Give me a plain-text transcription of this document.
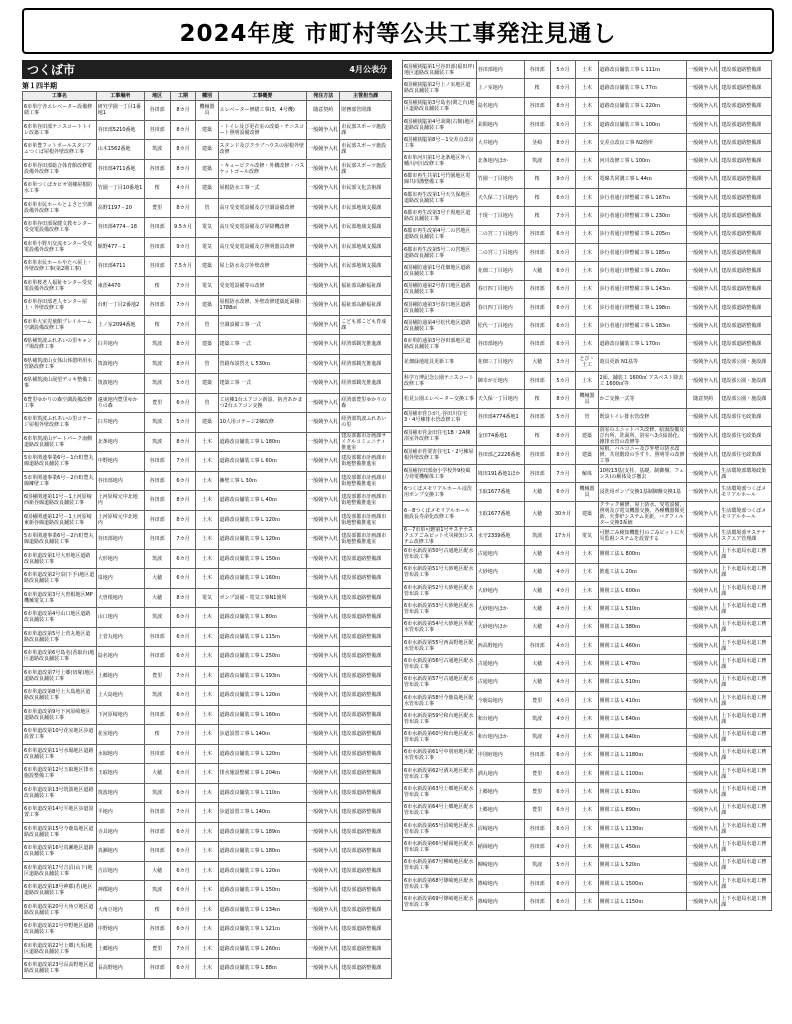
2024年度 市町村等公共工事発注見通し
つくば市	4月公表分
第１四半期
工事名	工事場所	地区	工期	種別	工事概要	発注方法	主管担当課
6市単庁舎エレベーター設備修繕工事	研究学園一丁目1番地1	谷田部	8カ月	機械器具	エレベーター修繕工事(3、4号機)	随意契約	財務部管財課
6市単谷田部テニスコートトイレ改築工事	谷田部5210番地	谷田部	8カ月	建築	・トイレ及び更衣室の改築・テニスコート照明設備改修	一般競争入札	市民部スポーツ施設課
6市単豊フットボールスタジアムつくば屋根外壁改修工事	山木1562番地	筑波	8カ月	建築	スタンド及びクラブハウスの屋根外壁改修	一般競争入札	市民部スポーツ施設課
6市単谷田部総合体育館改修電設備外改修工事	谷田部4711番地	谷田部	8カ月	建築	・キュービクル改修・外構改修・バスケットゴール改修	一般競争入札	市民部スポーツ施設課
6市単つくばカピオ別棟屋根防水工事	竹園一丁目10番地1	桜	4カ月	建築	屋根防水工事一式	一般競争入札	市民部文化芸術課
6市単市民ホールとよさと空調設備外改修工事	高野1197－20	豊里	8カ月	管	高圧受変電設備及び空調設備改修	一般競争入札	市民部地域支援課
6市単谷田部保健文教センター受変電設備改修工事	谷田部4774－18	谷田部	9.5カ月	電気	高圧受変電設備及び昇降機改修	一般競争入札	市民部地域支援課
6市単小野川交流センター受変電設備外改修工事	館野477－1	谷田部	9カ月	電気	高圧受変電設備及び照明器具改修	一般競争入札	市民部地域支援課
6市単市民ホールやたべ屋上・外壁改修工事(第2期工事)	谷田部4711	谷田部	7.5カ月	建築	屋上防水及び外壁改修	一般競争入札	市民部地域支援課
6市単桜老人福祉センター受変電設備外改修工事	東茨4470	桜	7カ月	電気	受変電設備等の改修	一般競争入札	福祉部高齢福祉課
6市単谷田部老人センター屋上・外壁改修工事	台町一丁目2番地2	谷田部	7カ月	建築	屋根防水改修、外壁改修建築延面積：1788㎡	一般競争入札	福祉部高齢福祉課
6市単大室児童館プレイルーム空調設備改修工事	上ノ室2094番地	桜	7カ月	管	空調設備工事 一式	一般競争入札	こども部こども育成課
6県補筑波ふれあいの里キャンプ場改修工事	臼井地内	筑波	8カ月	建築	建築工事 一式	一般競争入札	経済部観光推進課
6県補筑波山女体山休憩所用水管路改修工事	筑波地内	筑波	8カ月	管	管路布設替え L 530ｍ	一般競争入札	経済部観光推進課
6県補筑波山展望デッキ整備工事	筑波地内	筑波	5カ月	建築	建築工事 一式	一般競争入札	経済部観光推進課
6豊里ゆかりの森空調設備改修工事	遠東地内豊里ゆかりの森	豊里	6カ月	管	工房棟1台エアコン新設、宿舎あかまつ2台エアコン交換	一般競争入札	経済部豊里ゆかりの森
6市単筑波ふれあいの里コテージ屋根外壁改修工事	臼井地内	筑波	5カ月	建築	10人用コテージ2棟改修	一般競争入札	経済部筑波ふれあいの里
6市単筑波山ゲートパーク南側道路改良舗装工事	北条地内	筑波	8カ月	土木	道路改良舗装工事 L 180ｍ	一般競争入札	建設部都市計画課サイクルコミュニティ推進室
5市単関連事業6号－1台町豊丸線道路改良舗装工事	中野地内	谷田部	7カ月	土木	道路改良舗装工事 L 60ｍ	一般競争入札	建設部都市計画課市街地整備推進室
5市単関連事業6号－2台町豊丸線擁壁工事	谷田部地内	谷田部	6カ月	土木	擁壁工事 L 30ｍ	一般競争入札	建設部都市計画課市街地整備推進室
6国補関連第11号－1上河原崎西新谷線道路改良舗装工事	上河原崎元中北地内	谷田部	8カ月	土木	道路改良舗装工事 L 40ｍ	一般競争入札	建設部都市計画課市街地整備推進室
6国補関連第12号－1上河原崎東新谷線道路改良舗装工事	上河原崎元中北地内	谷田部	8カ月	土木	道路改良舗装工事 L 120ｍ	一般競争入札	建設部都市計画課市街地整備推進室
5市単関連事業6号－2台町豊丸線道路改良舗装工事	谷田部地内	谷田部	7カ月	土木	道路改良舗装工事 L 120ｍ	一般競争入札	建設部都市計画課市街地整備推進室
6市単道改第1号大形地区道路改良舗装工事	大形地内	筑波	6カ月	土木	道路改良舗装工事 L 150ｍ	一般競争入札	建設部道路整備課
6市単道改第2号泉(下手)地区道路改良舗装工事	泉地内	大穂	6カ月	土木	道路改良舗装工事 L 160ｍ	一般競争入札	建設部道路整備課
6市単道改第3号大曽根地区MP機械電気工事	大曽根地内	大穂	8カ月	電気	ポンプ設備・電気工事N1箇所	一般競争入札	建設部道路整備課
6市単道改第4号山口地区道路改良舗装工事	山口地内	筑波	6カ月	土木	道路改良舗装工事 L 80ｍ	一般競争入札	建設部道路整備課
6市単道改第5号上菅丸地区道路改良舗装工事	上菅丸地内	谷田部	6カ月	土木	道路改良舗装工事 L 115ｍ	一般競争入札	建設部道路整備課
6市単道改第6号島名(香取台)地区道路改良舗装工事	島名地内	谷田部	6カ月	土木	道路改良舗装工事 L 250ｍ	一般競争入札	建設部道路整備課
6市単道改第7号上郷(切塚)地区道路改良舗装工事	上郷地内	豊里	7カ月	土木	道路改良舗装工事 L 193ｍ	一般競争入札	建設部道路整備課
6市単道改第8号上大島地区道路改良舗装工事	上大島地内	筑波	6カ月	土木	道路改良舗装工事 L 120ｍ	一般競争入札	建設部道路整備課
6市単道改第9号下河原崎地区道路改良舗装工事	下河原崎地内	谷田部	6カ月	土木	道路改良舗装工事 L 160ｍ	一般競争入札	建設部道路整備課
6市単道改第10号花室地区歩道設置工事	花室地内	桜	7カ月	土木	歩道設置工事 L 140ｍ	一般競争入札	建設部道路整備課
6市単道改第11号水堀地区道路改良舗装工事	水堀地内	谷田部	6カ月	土木	道路改良舗装工事 L 120ｍ	一般競争入札	建設部道路整備課
6市単道改第12号玉取地区排水施設整備工事	玉取地内	大穂	6カ月	土木	排水施設整備工事 L 204ｍ	一般競争入札	建設部道路整備課
6市単道改第13号筑波地区道路改良舗装工事	筑波地内	筑波	6カ月	土木	道路改良舗装工事 L 110ｍ	一般競争入札	建設部道路整備課
6市単道改第14号平地区歩道設置工事	平地内	谷田部	7カ月	土木	歩道設置工事 L 140ｍ	一般競争入札	建設部道路整備課
6市単道改第15号今鹿島地区道路改良舗装工事	寺具地内	谷田部	6カ月	土木	道路改良舗装工事 L 189ｍ	一般競争入札	建設部道路整備課
6市単道改第16号真瀬地区道路改良舗装工事	真瀬地内	谷田部	6カ月	土木	道路改良舗装工事 L 180ｍ	一般競争入札	建設部道路整備課
6市単道改第17号吉沼(山下)地区道路改良舗装工事	吉沼地内	大穂	6カ月	土木	道路改良舗装工事 L 120ｍ	一般競争入札	建設部道路整備課
6市単道改第18号神郡(若)地区道路改良舗装工事	神郡地内	筑波	6カ月	土木	道路改良舗装工事 L 150ｍ	一般競争入札	建設部道路整備課
6市単道改第20号大角豆地区道路改良舗装工事	大角豆地内	桜	6カ月	土木	道路改良舗装工事 L 134ｍ	一般競争入札	建設部道路整備課
6市単道改第21号中野地区道路改良舗装工事	中野地内	谷田部	6カ月	土木	道路改良舗装工事 L 121ｍ	一般競争入札	建設部道路整備課
6市単道改第22号上郷(大坂)地区道路改良舗装工事	上郷地内	豊里	7カ月	土木	道路改良舗装工事 L 260ｍ	一般競争入札	建設部道路整備課
6市単道改第23号長高野地区道路改良舗装工事	長高野地内	谷田部	6カ月	土木	道路改良舗装工事 L 88ｍ	一般競争入札	建設部道路整備課
6国補狭隘第1号谷田部(福田坪)地区道路改良舗装工事	谷田部地内	谷田部	5カ月	土木	道路改良舗装工事 L 111ｍ	一般競争入札	建設部道路整備課
6国補狭隘第2号上ノ室地区道路改良舗装工事	上ノ室地内	桜	6カ月	土木	道路改良舗装工事 L 77ｍ	一般競争入札	建設部道路整備課
6国補狭隘第3号島名(関之台)地区道路改良舗装工事	島名地内	谷田部	8カ月	土木	道路改良舗装工事 L 220ｍ	一般競争入札	建設部道路整備課
6国補狭隘第4号苅間(古館)地区道路改良舗装工事	苅間地内	谷田部	6カ月	土木	道路改良舗装工事 L 100ｍ	一般競争入札	建設部道路整備課
6国補狭隘第8号－1交差点改良工事	大井地内	茎崎	8カ月	土木	交差点改良工事 N2箇所	一般競争入札	建設部道路整備課
6市単河川第1号北条地区外八幡川河川改修工事	北条地内ほか	筑波	8カ月	土木	河川改修工事 L 100ｍ	一般競争入札	建設部道路整備課
6都市再生共第1号竹園地区電線共同溝整備工事	竹園一丁目地内	桜	9カ月	土木	電線共同溝工事 L 44ｍ	一般競争入札	建設部道路整備課
6都市再生改第1号天久保地区道路改良舗装工事	天久保二丁目地内	桜	6カ月	土木	歩行者通行帯整備工事 L 167ｍ	一般競争入札	建設部道路整備課
6都市再生改第3号千現地区道路改良舗装工事	千現一丁目地内	桜	7カ月	土木	歩行者通行帯整備工事 L 230ｍ	一般競争入札	建設部道路整備課
6都市再生改第4号二の宮地区道路改良舗装工事	二の宮二丁目地内	谷田部	6カ月	土木	歩行者通行帯整備工事 L 205ｍ	一般競争入札	建設部道路整備課
6都市再生改第5号二の宮地区道路改良舗装工事	二の宮三丁目地内	谷田部	6カ月	土木	歩行者通行帯整備工事 L 185ｍ	一般競争入札	建設部道路整備課
6国補防通第1号花畑地区道路改良舗装工事	花畑二丁目地内	大穂	6カ月	土木	歩行者通行帯整備工事 L 260ｍ	一般競争入札	建設部道路整備課
6国補防通第2号春日地区道路改良舗装工事	春日四丁目地内	谷田部	6カ月	土木	歩行者通行帯整備工事 L 143ｍ	一般競争入札	建設部道路整備課
6国補防通第3号春日地区道路改良舗装工事	春日四丁目地内	谷田部	6カ月	土木	歩行者通行帯整備工事 L 198ｍ	一般競争入札	建設部道路整備課
6国補防通第4号松代地区道路改良舗装工事	松代一丁目地内	谷田部	6カ月	土木	歩行者通行帯整備工事 L 183ｍ	一般競争入札	建設部道路整備課
6市単防通第3号谷田部地区道路改良舗装工事	谷田部地内	谷田部	6カ月	土木	道路改良舗装工事 L 170ｍ	一般競争入札	建設部道路整備課
花畑緑地遊具更新工事	花畑三丁目地内	大穂	3カ月	とび・土工	遊具更新 N1基等	一般競争入札	建設部公園・施設課
科学万博記念公園テニスコート改修工事	御幸が丘地内	谷田部	5カ月	土木	2面、舗装工 1600㎡ アスベスト除去工 1600㎡等	一般競争入札	建設部公園・施設課
松見公園エレベーター交換工事	天久保一丁目地内	桜	8カ月	機械器具	かご交換一式等	随意契約	建設部公園・施設課
6国補市営ひがし谷田川住宅3・4号棟排水管改修工事	谷田部4774番地1	谷田部	5カ月	管	既設トイレ排水管改修	一般競争入札	建設部住宅政策課
6国補市営金田住宅1B・2A棟浴室外改修工事	金田74番地1	桜	8カ月	建築	浴室のユニットバス改修、給湯設備及び台所、洗面所、浴室へ3点給湯化、雑排水管の改修等	一般競争入札	建設部住宅政策課
6国補市営要害住宅1・2号棟屋根外壁改修工事	谷田部乙2226番地	谷田部	8カ月	建築	屋根、バルコニー及び外壁の防水改修、共用階段の手すり、照明等の改修工事	一般競争入札	建設部住宅政策課
6国補谷田部南小学校外9校風力発電機解体工事	境田191番地1ほか	谷田部	7カ月	解体	10校13基(支柱、基礎、制御盤、フェンス)の解体及び撤去	一般競争入札	生活環境部環境政策課
6つくばメモリアルホール浸洗用ポンプ交換工事	玉取1677番地	大穂	6カ月	機械器具	浸洗用ポンプ交換1基制御盤交換1基	一般競争入札	生活環境部つくばメモリアルホール
6－8つくばメモリアルホール施設長寿命化改修工事	玉取1677番地	大穂	30カ月	建築	クラック補修、屋上防水、受電設備、照明及び電気機器交換、各種機器類更新、火葬炉システム更新、バグフィルター交換3系統	一般競争入札	生活環境部つくばメモリアルホール
6－7市単可燃第1号サステナスクエアごみピット火災検知システム改修工事	水守2339番地	筑波	17カ月	電気	可燃ごみ検知機能付のごみピットに火災監視システムを設置する	一般競争入札	生活環境部サステナスクエア管理課
6市水新設第50号古通地区配水管布設工事	古通地内	大穂	4カ月	土木	開削工法 L 800ｍ	一般競争入札	上下水道局水道工務課
6市水新設第51号大砂地区配水管布設工事	大砂地内	大穂	4カ月	土木	推進工法 L 20ｍ	一般競争入札	上下水道局水道工務課
6市水新設第52号大砂地区配水管布設工事	大砂地内	大穂	4カ月	土木	開削工法 L 600ｍ	一般競争入札	上下水道局水道工務課
6市水新設第53号大砂地区配水管布設工事	大砂地内ほか	大穂	4カ月	土木	開削工法 L 510ｍ	一般競争入札	上下水道局水道工務課
6市水新設第54号大砂地区外配水管布設工事	大砂地内ほか	大穂	4カ月	土木	開削工法 L 380ｍ	一般競争入札	上下水道局水道工務課
6市水新設第55号西高野地区配水管布設工事	西高野地内	谷田部	4カ月	土木	開削工法 L 460ｍ	一般競争入札	上下水道局水道工務課
6市水新設第56号古通地区配水管布設工事	古通地内	大穂	4カ月	土木	開削工法 L 470ｍ	一般競争入札	上下水道局水道工務課
6市水新設第57号古通地区配水管布設工事	古通地内	大穂	4カ月	土木	開削工法 L 510ｍ	一般競争入札	上下水道局水道工務課
6市水新設第58号今鹿島地区配水管布設工事	今鹿島地内	豊里	4カ月	土木	開削工法 L 410ｍ	一般競争入札	上下水道局水道工務課
6市水新設第59号和台地区配水管布設工事	和台地内	筑波	4カ月	土木	開削工法 L 640ｍ	一般競争入札	上下水道局水道工務課
6市水新設第60号和台地区配水管布設工事	和台地内ほか	筑波	4カ月	土木	開削工法 L 640ｍ	一般競争入札	上下水道局水道工務課
6市水新設第61号中別府地区配水管布設工事	中別府地内	谷田部	6カ月	土木	開削工法 L 1180ｍ	一般競争入札	上下水道局水道工務課
6市水新設第62号酒丸地区配水管布設工事	酒丸地内	豊里	6カ月	土木	開削工法 L 1100ｍ	一般競争入札	上下水道局水道工務課
6市水新設第63号上郷地区配水管布設工事	上郷地内	豊里	6カ月	土木	開削工法 L 810ｍ	一般競争入札	上下水道局水道工務課
6市水新設第64号上郷地区配水管布設工事	上郷地内	豊里	6カ月	土木	開削工法 L 890ｍ	一般競争入札	上下水道局水道工務課
6市水新設第65号沼崎地区配水管布設工事	沼崎地内	谷田部	6カ月	土木	開削工法 L 1130ｍ	一般競争入札	上下水道局水道工務課
6市水新設第66号稲岡地区配水管布設工事	稲岡地内	谷田部	4カ月	土木	開削工法 L 450ｍ	一般競争入札	上下水道局水道工務課
6市水新設第67号柳崎地区配水管布設工事	柳崎地内	筑波	5カ月	土木	開削工法 L 520ｍ	一般競争入札	上下水道局水道工務課
6市水新設第68号篠崎地区配水管布設工事	篠崎地内	谷田部	6カ月	土木	開削工法 L 1500ｍ	一般競争入札	上下水道局水道工務課
6市水新設第69号篠崎地区配水管布設工事	篠崎地内	谷田部	6カ月	土木	開削工法 L 1150ｍ	一般競争入札	上下水道局水道工務課
